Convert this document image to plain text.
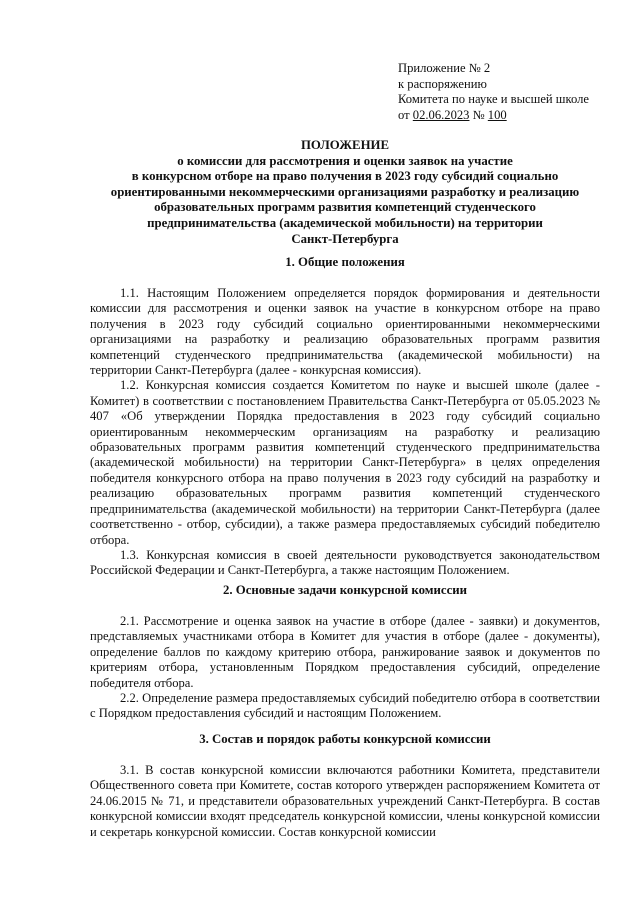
Приложение № 2
к распоряжению
Комитета по науке и высшей школе
от 02.06.2023 № 100
ПОЛОЖЕНИЕ
о комиссии для рассмотрения и оценки заявок на участие
в конкурсном отборе на право получения в 2023 году субсидий социально
ориентированными некоммерческими организациями разработку и реализацию
образовательных программ развития компетенций студенческого
предпринимательства (академической мобильности) на территории
Санкт-Петербурга
1. Общие положения

1.1. Настоящим Положением определяется порядок формирования и деятельности комиссии для рассмотрения и оценки заявок на участие в конкурсном отборе на право получения в 2023 году субсидий социально ориентированными некоммерческими организациями на разработку и реализацию образовательных программ развития компетенций студенческого предпринимательства (академической мобильности) на территории Санкт-Петербурга (далее - конкурсная комиссия).

1.2. Конкурсная комиссия создается Комитетом по науке и высшей школе (далее - Комитет) в соответствии с постановлением Правительства Санкт-Петербурга от 05.05.2023 № 407 «Об утверждении Порядка предоставления в 2023 году субсидий социально ориентированным некоммерческим организациям на разработку и реализацию образовательных программ развития компетенций студенческого предпринимательства (академической мобильности) на территории Санкт-Петербурга» в целях определения победителя конкурсного отбора на право получения в 2023 году субсидий на разработку и реализацию образовательных программ развития компетенций студенческого предпринимательства (академической мобильности) на территории Санкт-Петербурга (далее соответственно - отбор, субсидии), а также размера предоставляемых субсидий победителю отбора.

1.3. Конкурсная комиссия в своей деятельности руководствуется законодательством Российской Федерации и Санкт-Петербурга, а также настоящим Положением.

2. Основные задачи конкурсной комиссии

2.1. Рассмотрение и оценка заявок на участие в отборе (далее - заявки) и документов, представляемых участниками отбора в Комитет для участия в отборе (далее - документы), определение баллов по каждому критерию отбора, ранжирование заявок и документов по критериям отбора, установленным Порядком предоставления субсидий, определение победителя отбора.

2.2. Определение размера предоставляемых субсидий победителю отбора в соответствии с Порядком предоставления субсидий и настоящим Положением.

3. Состав и порядок работы конкурсной комиссии

3.1. В состав конкурсной комиссии включаются работники Комитета, представители Общественного совета при Комитете, состав которого утвержден распоряжением Комитета от 24.06.2015 № 71, и представители образовательных учреждений Санкт-Петербурга. В состав конкурсной комиссии входят председатель конкурсной комиссии, члены конкурсной комиссии и секретарь конкурсной комиссии. Состав конкурсной комиссии
